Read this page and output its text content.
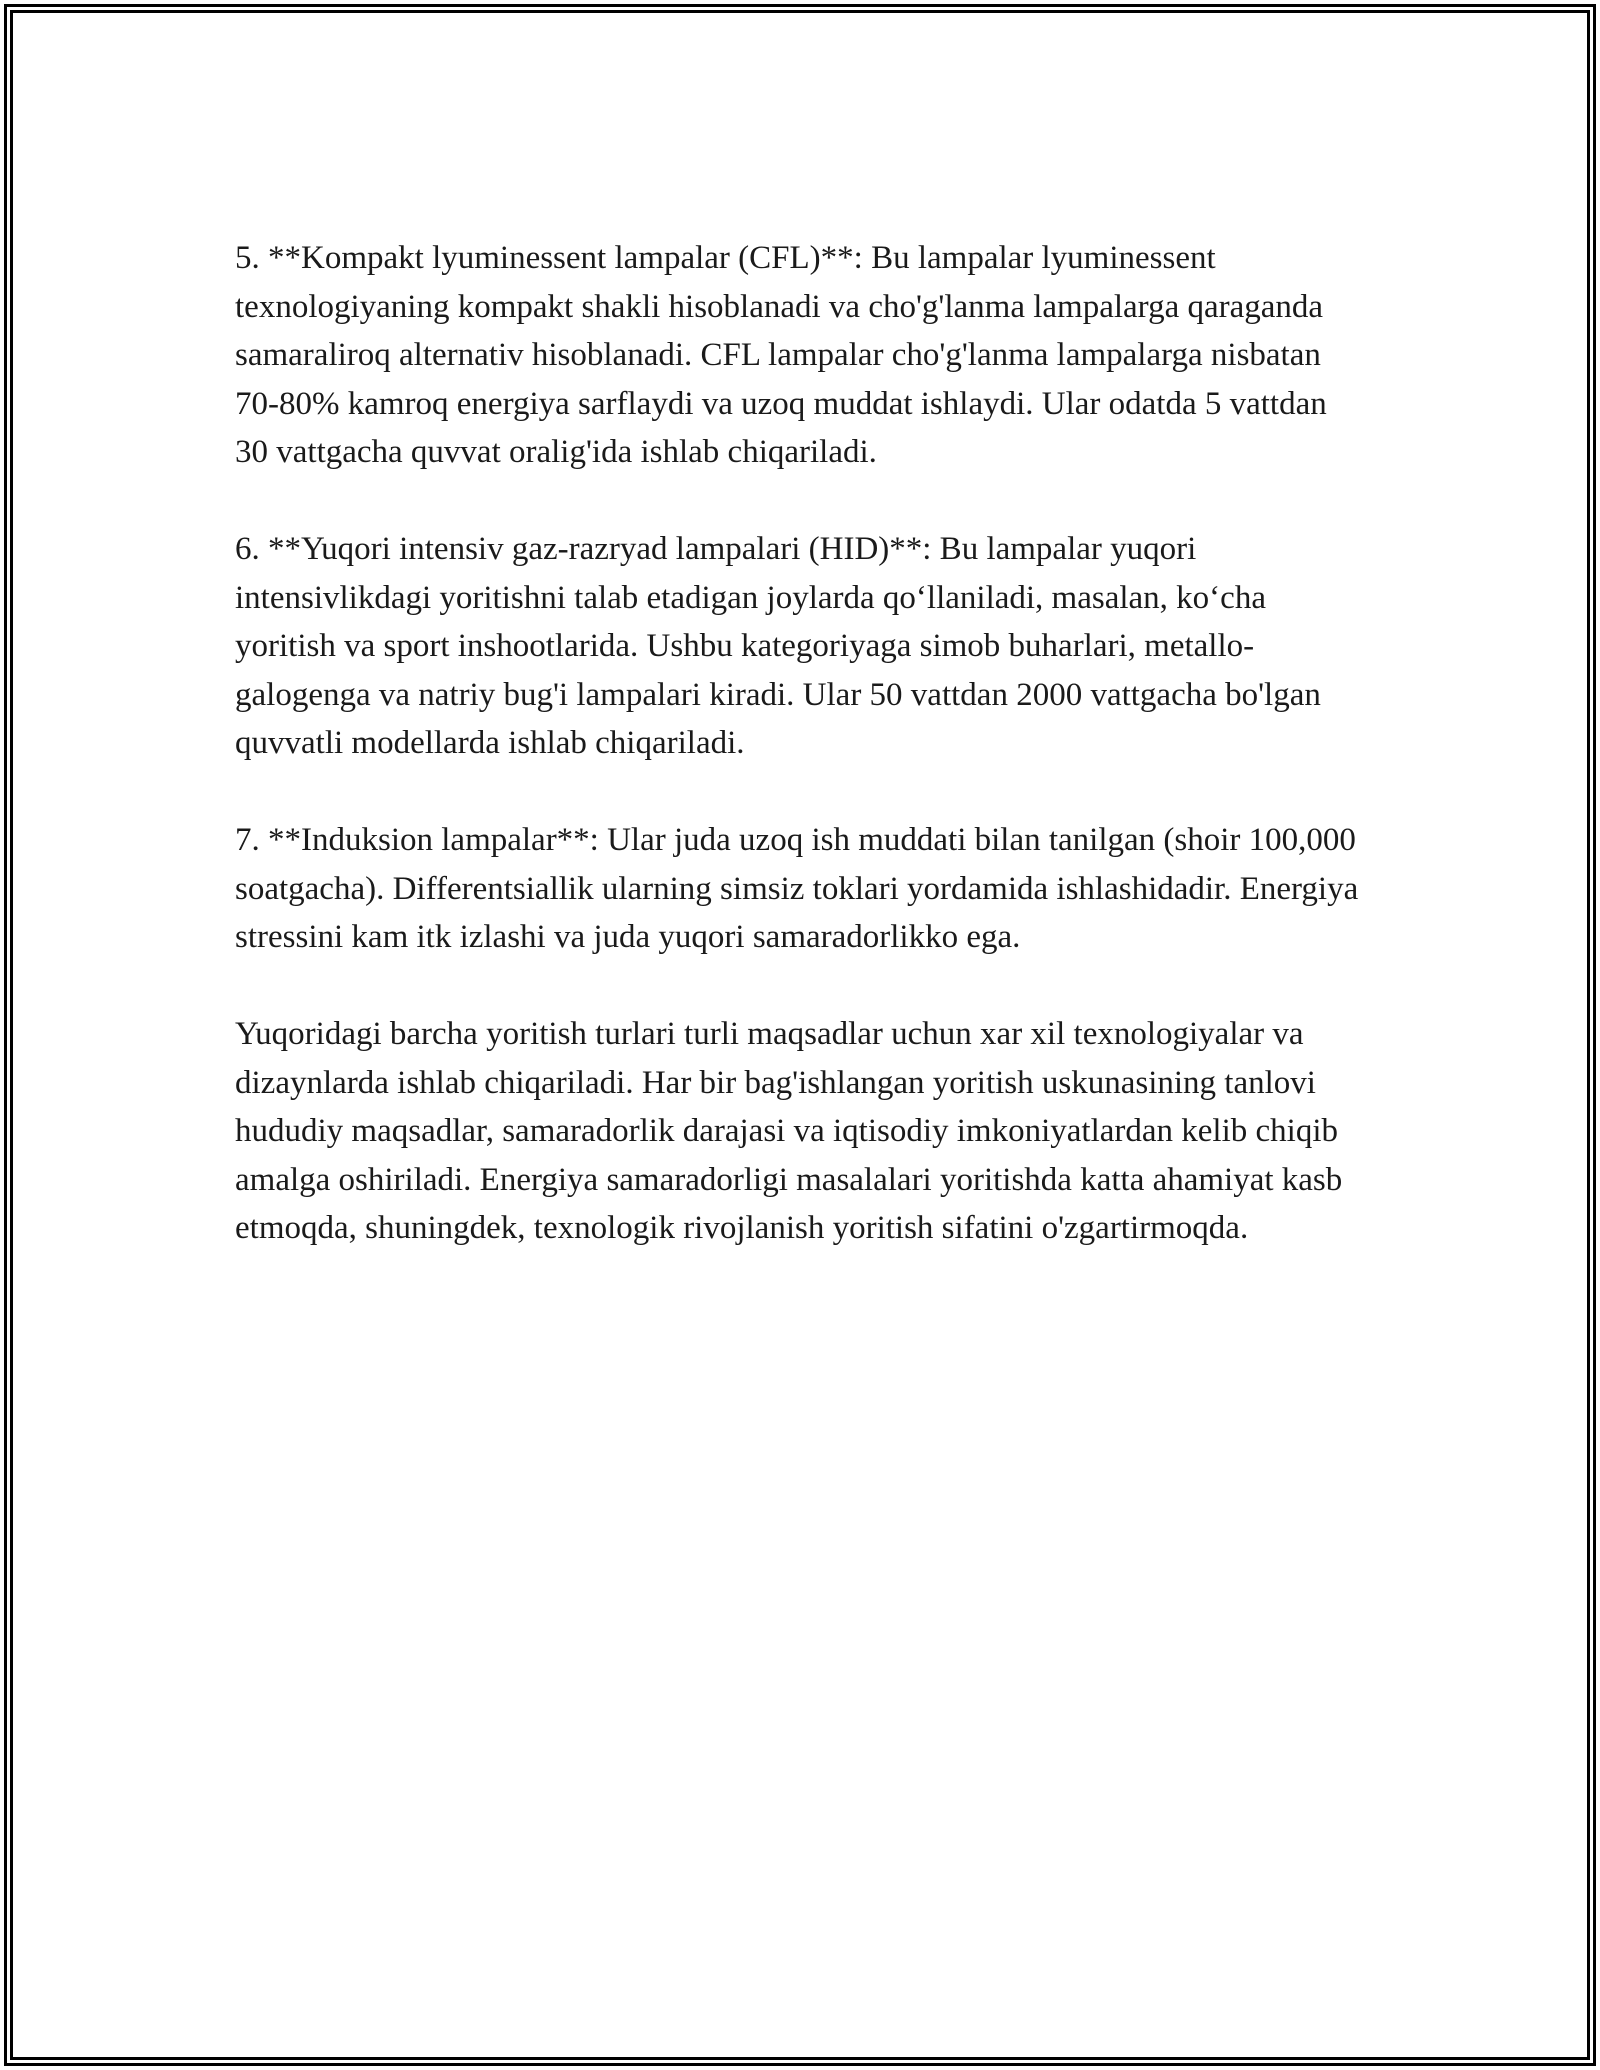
5. **Kompakt lyuminessent lampalar (CFL)**: Bu lampalar lyuminessent texnologiyaning kompakt shakli hisoblanadi va cho'g'lanma lampalarga qaraganda samaraliroq alternativ hisoblanadi. CFL lampalar cho'g'lanma lampalarga nisbatan 70-80% kamroq energiya sarflaydi va uzoq muddat ishlaydi. Ular odatda 5 vattdan 30 vattgacha quvvat oralig'ida ishlab chiqariladi.

6. **Yuqori intensiv gaz-razryad lampalari (HID)**: Bu lampalar yuqori intensivlikdagi yoritishni talab etadigan joylarda qo‘llaniladi, masalan, ko‘cha yoritish va sport inshootlarida. Ushbu kategoriyaga simob buharlari, metallo-galogenga va natriy bug'i lampalari kiradi. Ular 50 vattdan 2000 vattgacha bo'lgan quvvatli modellarda ishlab chiqariladi.

7. **Induksion lampalar**: Ular juda uzoq ish muddati bilan tanilgan (shoir 100,000 soatgacha). Differentsiallik ularning simsiz toklari yordamida ishlashidadir. Energiya stressini kam itk izlashi va juda yuqori samaradorlikko ega.

Yuqoridagi barcha yoritish turlari turli maqsadlar uchun xar xil texnologiyalar va dizaynlarda ishlab chiqariladi. Har bir bag'ishlangan yoritish uskunasining tanlovi hududiy maqsadlar, samaradorlik darajasi va iqtisodiy imkoniyatlardan kelib chiqib amalga oshiriladi. Energiya samaradorligi masalalari yoritishda katta ahamiyat kasb etmoqda, shuningdek, texnologik rivojlanish yoritish sifatini o'zgartirmoqda.
